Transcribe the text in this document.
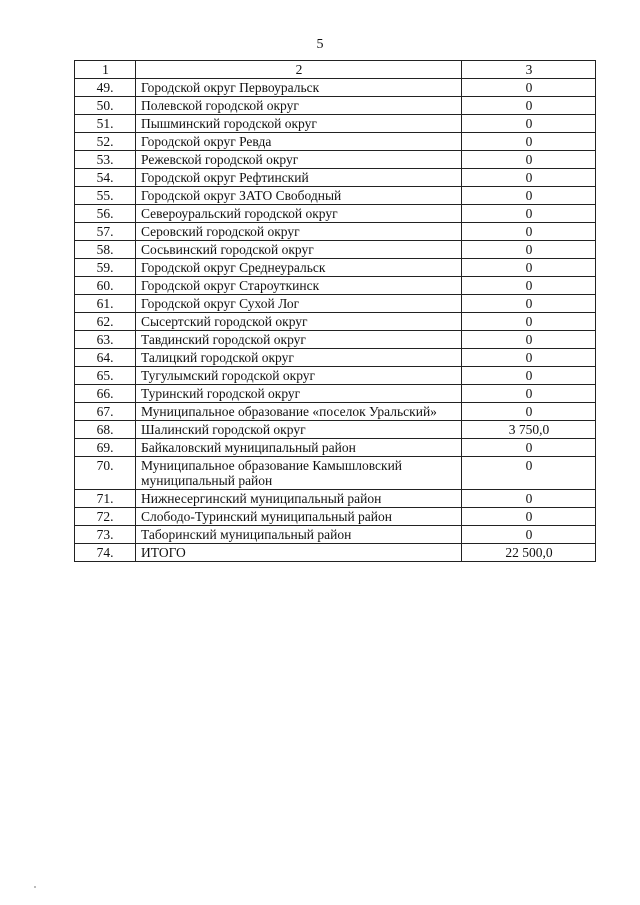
5
1	2	3
49.	Городской округ Первоуральск	0
50.	Полевской городской округ	0
51.	Пышминский городской округ	0
52.	Городской округ Ревда	0
53.	Режевской городской округ	0
54.	Городской округ Рефтинский	0
55.	Городской округ ЗАТО Свободный	0
56.	Североуральский городской округ	0
57.	Серовский городской округ	0
58.	Сосьвинский городской округ	0
59.	Городской округ Среднеуральск	0
60.	Городской округ Староуткинск	0
61.	Городской округ Сухой Лог	0
62.	Сысертский городской округ	0
63.	Тавдинский городской округ	0
64.	Талицкий городской округ	0
65.	Тугулымский городской округ	0
66.	Туринский городской округ	0
67.	Муниципальное образование «поселок Уральский»	0
68.	Шалинский городской округ	3 750,0
69.	Байкаловский муниципальный район	0
70.	Муниципальное образование Камышловский муниципальный район	0
71.	Нижнесергинский муниципальный район	0
72.	Слободо-Туринский муниципальный район	0
73.	Таборинский муниципальный район	0
74.	ИТОГО	22 500,0
